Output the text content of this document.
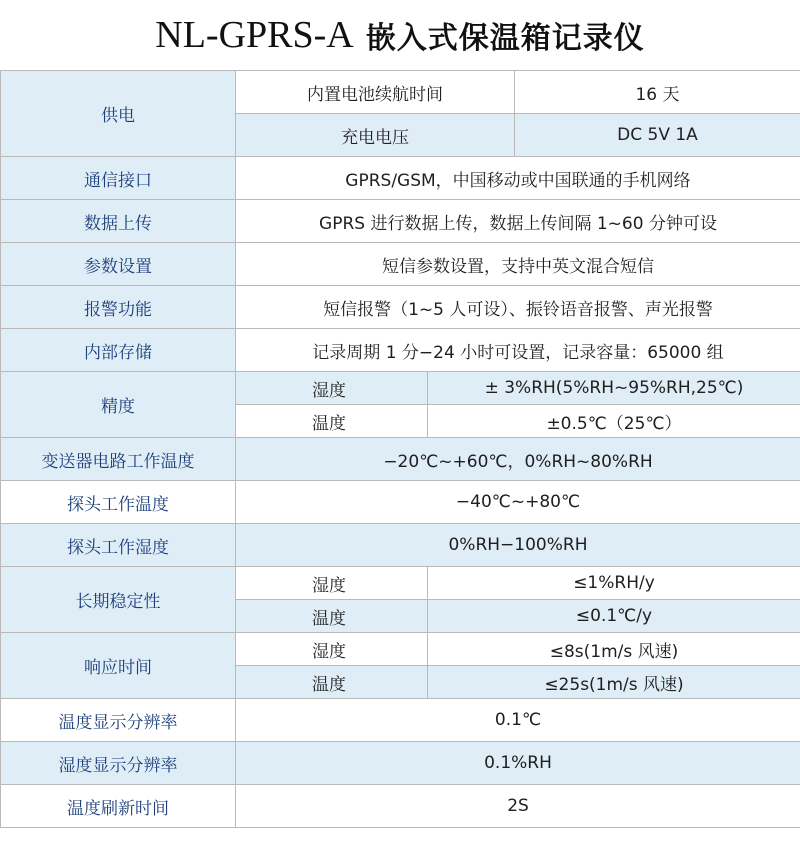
NL-GPRS-A 嵌入式保温箱记录仪
供电	内置电池续航时间		16 天
	充电电压		DC 5V 1A
通信接口	GPRS/GSM，中国移动或中国联通的手机网络		
数据上传	GPRS 进行数据上传，数据上传间隔 1~60 分钟可设		
参数设置	短信参数设置，支持中英文混合短信		
报警功能	短信报警（1~5 人可设）、振铃语音报警、声光报警		
内部存储	记录周期 1 分−24 小时可设置，记录容量：65000 组		
精度	湿度	± 3%RH(5%RH~95%RH,25℃)	
	温度	±0.5℃（25℃）	
变送器电路工作温度	−20℃~+60℃，0%RH~80%RH		
探头工作温度	−40℃~+80℃		
探头工作湿度	0%RH−100%RH		
长期稳定性	湿度	≤1%RH/y	
	温度	≤0.1℃/y	
响应时间	湿度	≤8s(1m/s 风速)	
	温度	≤25s(1m/s 风速)	
温度显示分辨率	0.1℃		
湿度显示分辨率	0.1%RH		
温度刷新时间	2S		
